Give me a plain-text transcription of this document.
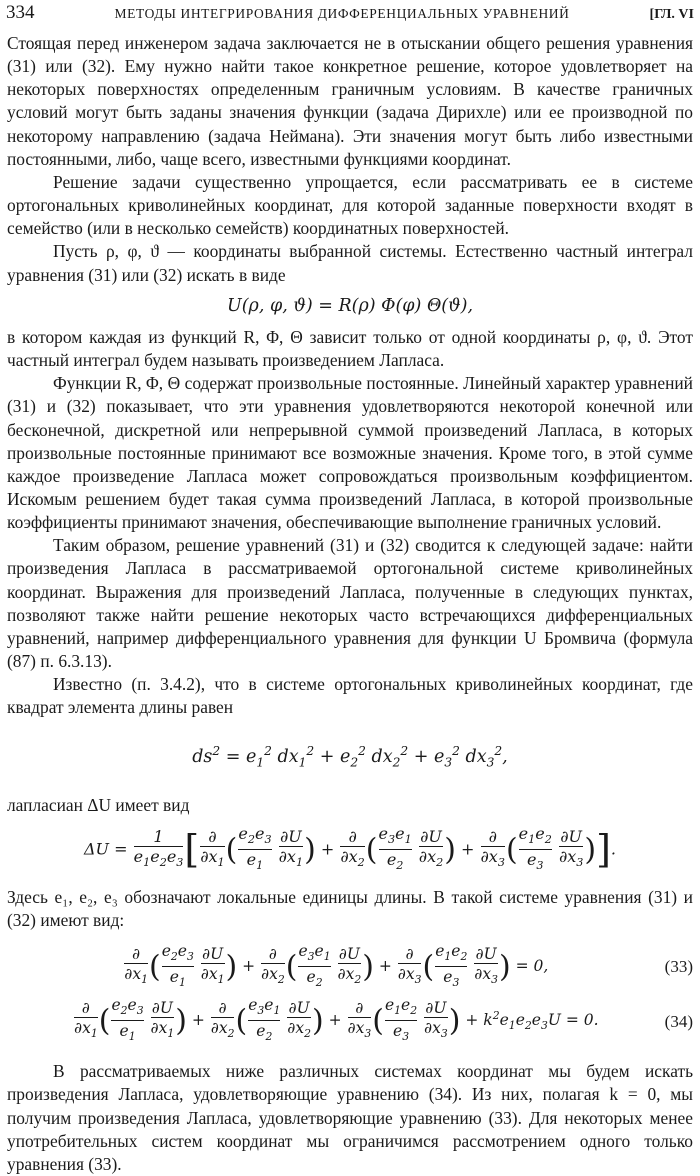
334	МЕТОДЫ ИНТЕГРИРОВАНИЯ ДИФФЕРЕНЦИАЛЬНЫХ УРАВНЕНИЙ	[ГЛ. VI

Стоящая перед инженером задача заключается не в отыскании общего решения уравнения (31) или (32). Ему нужно найти такое конкретное решение, которое удовлетворяет на некоторых поверхностях определенным граничным условиям. В качестве граничных условий могут быть заданы значения функции (задача Дирихле) или ее производной по некоторому направлению (задача Неймана). Эти значения могут быть либо известными постоянными, либо, чаще всего, известными функциями координат.

Решение задачи существенно упрощается, если рассматривать ее в системе ортогональных криволинейных координат, для которой заданные поверхности входят в семейство (или в несколько семейств) координатных поверхностей.

Пусть ρ, φ, ϑ — координаты выбранной системы. Естественно частный интеграл уравнения (31) или (32) искать в виде

U(ρ, φ, ϑ) = R(ρ) Φ(φ) Θ(ϑ),

в котором каждая из функций R, Φ, Θ зависит только от одной координаты ρ, φ, ϑ. Этот частный интеграл будем называть произведением Лапласа.

Функции R, Φ, Θ содержат произвольные постоянные. Линейный характер уравнений (31) и (32) показывает, что эти уравнения удовлетворяются некоторой конечной или бесконечной, дискретной или непрерывной суммой произведений Лапласа, в которых произвольные постоянные принимают все возможные значения. Кроме того, в этой сумме каждое произведение Лапласа может сопровождаться произвольным коэффициентом. Искомым решением будет такая сумма произведений Лапласа, в которой произвольные коэффициенты принимают значения, обеспечивающие выполнение граничных условий.

Таким образом, решение уравнений (31) и (32) сводится к следующей задаче: найти произведения Лапласа в рассматриваемой ортогональной системе криволинейных координат. Выражения для произведений Лапласа, полученные в следующих пунктах, позволяют также найти решение некоторых часто встречающихся дифференциальных уравнений, например дифференциального уравнения для функции U Бромвича (формула (87) п. 6.3.13).

Известно (п. 3.4.2), что в системе ортогональных криволинейных координат, где квадрат элемента длины равен

$ds^2 = e_1^2$ $dx_1^2 + e_2^2$ $dx_2^2 + e_3^2$ $dx_3^2$,

лапласиан ΔU имеет вид

$\Delta U = \frac{1}{e_1e_2e_3}$ [ $\frac{\partial}{\partial x_1}$ ( $\frac{e_2e_3}{e_1}$
$\frac{\partial U}{\partial x_1}$ ) + $\frac{\partial}{\partial x_2}$ ( $\frac{e_3e_1}{e_2}$
$\frac{\partial U}{\partial x_2}$ ) + $\frac{\partial}{\partial x_3}$ ( $\frac{e_1e_2}{e_3}$
$\frac{\partial U}{\partial x_3}$ )].

Здесь e₁, e₂, e₃ обозначают локальные единицы длины. В такой системе уравнения (31) и (32) имеют вид:

$\frac{\partial}{\partial x_1}$ ( $\frac{e_2e_3}{e_1}$
$\frac{\partial U}{\partial x_1}$ ) + $\frac{\partial}{\partial x_2}$ ( $\frac{e_3e_1}{e_2}$
$\frac{\partial U}{\partial x_2}$ ) + $\frac{\partial}{\partial x_3}$ ( $\frac{e_1e_2}{e_3}$
$\frac{\partial U}{\partial x_3}$ ) = 0,	(33)
$\frac{\partial}{\partial x_1}$ ( $\frac{e_2e_3}{e_1}$
$\frac{\partial U}{\partial x_1}$ ) + $\frac{\partial}{\partial x_2}$ ( $\frac{e_3e_1}{e_2}$
$\frac{\partial U}{\partial x_2}$ ) + $\frac{\partial}{\partial x_3}$ ( $\frac{e_1e_2}{e_3}$
$\frac{\partial U}{\partial x_3}$ ) + $k^2e_1e_2e_3U = 0$.	(34)

В рассматриваемых ниже различных системах координат мы будем искать произведения Лапласа, удовлетворяющие уравнению (34). Из них, полагая k = 0, мы получим произведения Лапласа, удовлетворяющие уравнению (33). Для некоторых менее употребительных систем координат мы ограничимся рассмотрением одного только уравнения (33).
